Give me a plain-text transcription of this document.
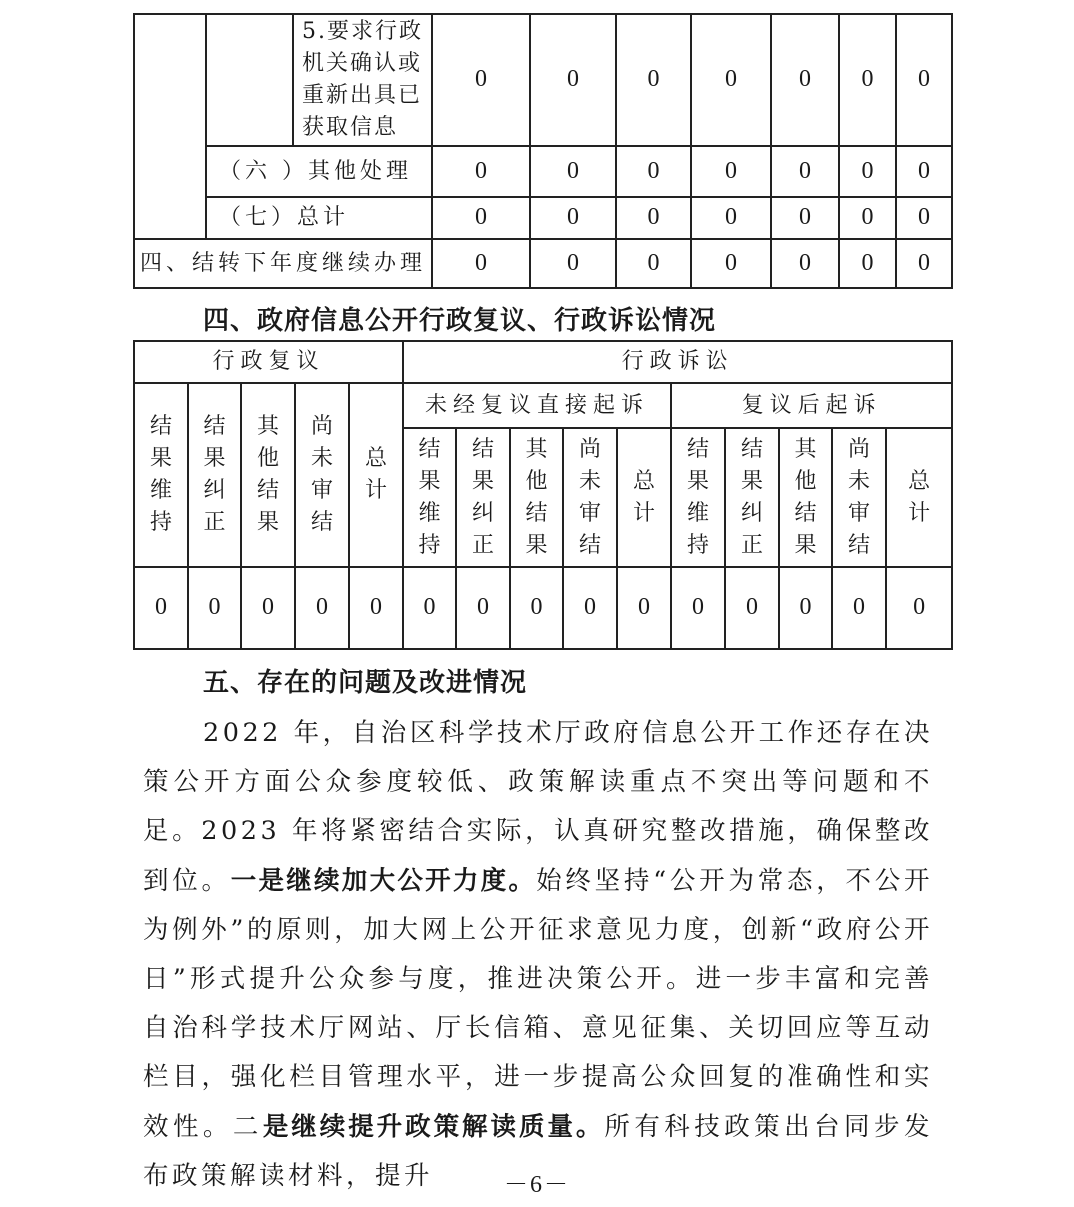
		5.要求行政机关确认或重新出具已获取信息	0	0	0	0	0	0	0
	（六 ）其他处理		0	0	0	0	0	0	0
	（七）总计		0	0	0	0	0	0	0
四、结转下年度继续办理			0	0	0	0	0	0	0
四、政府信息公开行政复议、行政诉讼情况
行政复议					行政诉讼									
结果维持	结果纠正	其他结果	尚未审结	总计	未经复议直接起诉					复议后起诉				
					结果维持	结果纠正	其他结果	尚未审结	总计	结果维持	结果纠正	其他结果	尚未审结	总计
0	0	0	0	0	0	0	0	0	0	0	0	0	0	0
五、存在的问题及改进情况
2022 年，自治区科学技术厅政府信息公开工作还存在决策公开方面公众参度较低、政策解读重点不突出等问题和不足。2023 年将紧密结合实际，认真研究整改措施，确保整改到位。一是继续加大公开力度。始终坚持“公开为常态，不公开为例外”的原则，加大网上公开征求意见力度，创新“政府公开日”形式提升公众参与度，推进决策公开。进一步丰富和完善自治科学技术厅网站、厅长信箱、意见征集、关切回应等互动栏目，强化栏目管理水平，进一步提高公众回复的准确性和实效性。二是继续提升政策解读质量。所有科技政策出台同步发布政策解读材料，提升	－6－
